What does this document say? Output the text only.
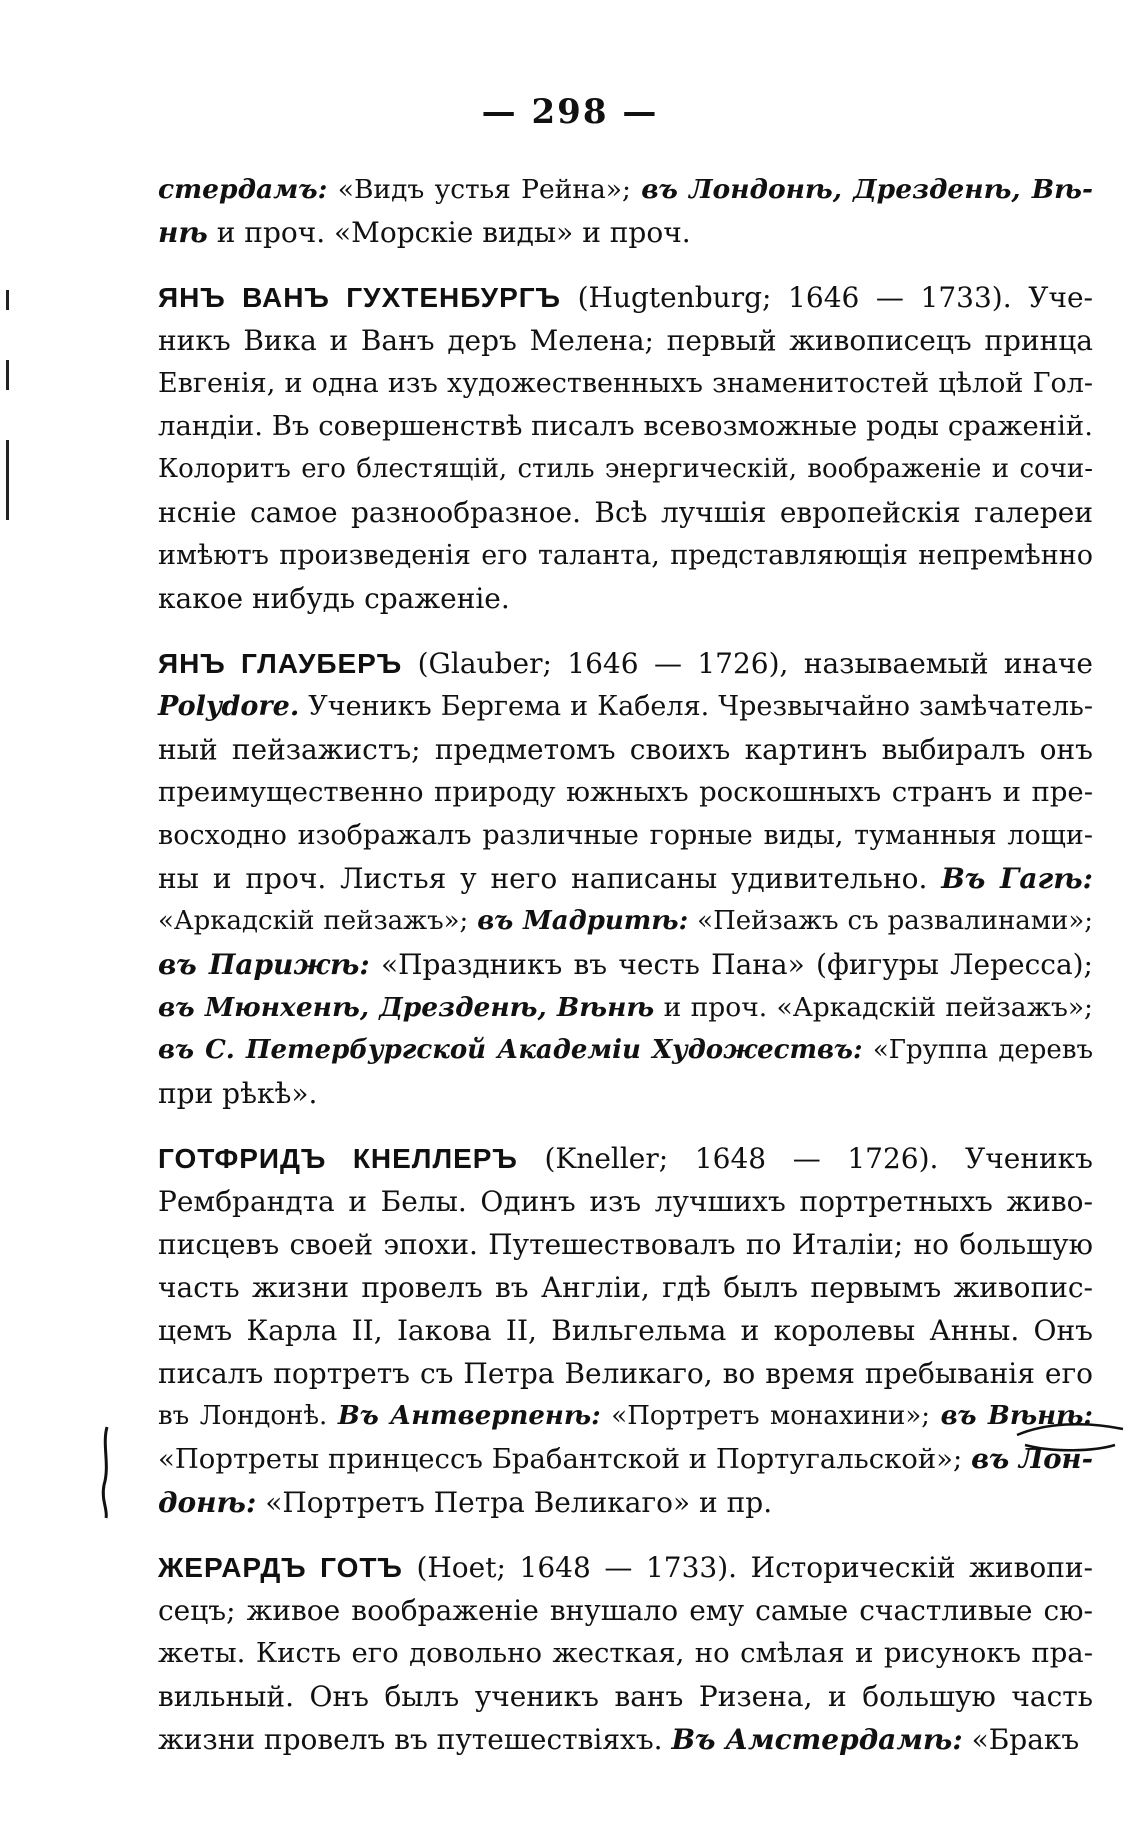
— 298 —
стердамъ: «Видъ устья Рейна»; въ Лондонѣ, Дрезденѣ, Вѣ-
нѣ и проч. «Морскіе виды» и проч.
ЯНЪ ВАНЪ ГУХТЕНБУРГЪ (Hugtenburg; 1646 — 1733). Уче-
никъ Вика и Ванъ деръ Мелена; первый живописецъ принца
Евгенія, и одна изъ художественныхъ знаменитостей цѣлой Гол-
ландіи. Въ совершенствѣ писалъ всевозможные роды сраженій.
Колоритъ его блестящій, стиль энергическій, воображеніе и сочи-
нсніе самое разнообразное. Всѣ лучшія европейскія галереи
имѣютъ произведенія его таланта, представляющія непремѣнно
какое нибудь сраженіе.
ЯНЪ ГЛАУБЕРЪ (Glauber; 1646 — 1726), называемый иначе
Polydore. Ученикъ Бергема и Кабеля. Чрезвычайно замѣчатель-
ный пейзажистъ; предметомъ своихъ картинъ выбиралъ онъ
преимущественно природу южныхъ роскошныхъ странъ и пре-
восходно изображалъ различные горные виды, туманныя лощи-
ны и проч. Листья у него написаны удивительно. Въ Гагѣ:
«Аркадскій пейзажъ»; въ Мадритѣ: «Пейзажъ съ развалинами»;
въ Парижѣ: «Праздникъ въ честь Пана» (фигуры Лересса);
въ Мюнхенѣ, Дрезденѣ, Вѣнѣ и проч. «Аркадскій пейзажъ»;
въ С. Петербургской Академіи Художествъ: «Группа деревъ
при рѣкѣ».
ГОТФРИДЪ КНЕЛЛЕРЪ (Kneller; 1648 — 1726). Ученикъ
Рембрандта и Белы. Одинъ изъ лучшихъ портретныхъ живо-
писцевъ своей эпохи. Путешествовалъ по Италіи; но большую
часть жизни провелъ въ Англіи, гдѣ былъ первымъ живопис-
цемъ Карла II, Іакова II, Вильгельма и королевы Анны. Онъ
писалъ портретъ съ Петра Великаго, во время пребыванія его
въ Лондонѣ. Въ Антверпенѣ: «Портретъ монахини»; въ Вѣнѣ:
«Портреты принцессъ Брабантской и Португальской»; въ Лон-
донѣ: «Портретъ Петра Великаго» и пр.
ЖЕРАРДЪ ГОТЪ (Hoet; 1648 — 1733). Историческій живопи-
сецъ; живое воображеніе внушало ему самые счастливые сю-
жеты. Кисть его довольно жесткая, но смѣлая и рисунокъ пра-
вильный. Онъ былъ ученикъ ванъ Ризена, и большую часть
жизни провелъ въ путешествіяхъ. Въ Амстердамѣ: «Бракъ
